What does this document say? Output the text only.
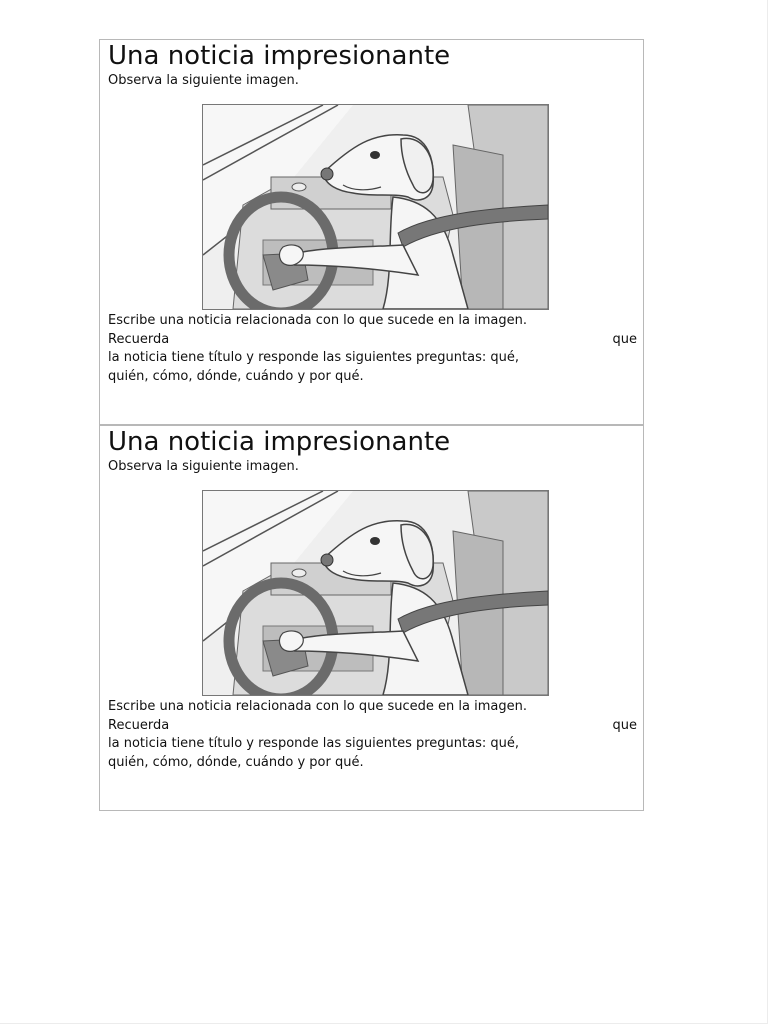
Una noticia impresionante
Observa la siguiente imagen.
Escribe una noticia relacionada con lo que sucede en la imagen.
Recuerda	que
la noticia tiene título y responde las siguientes preguntas: qué,
quién, cómo, dónde, cuándo y por qué.
Una noticia impresionante
Observa la siguiente imagen.
Escribe una noticia relacionada con lo que sucede en la imagen.
Recuerda	que
la noticia tiene título y responde las siguientes preguntas: qué,
quién, cómo, dónde, cuándo y por qué.
